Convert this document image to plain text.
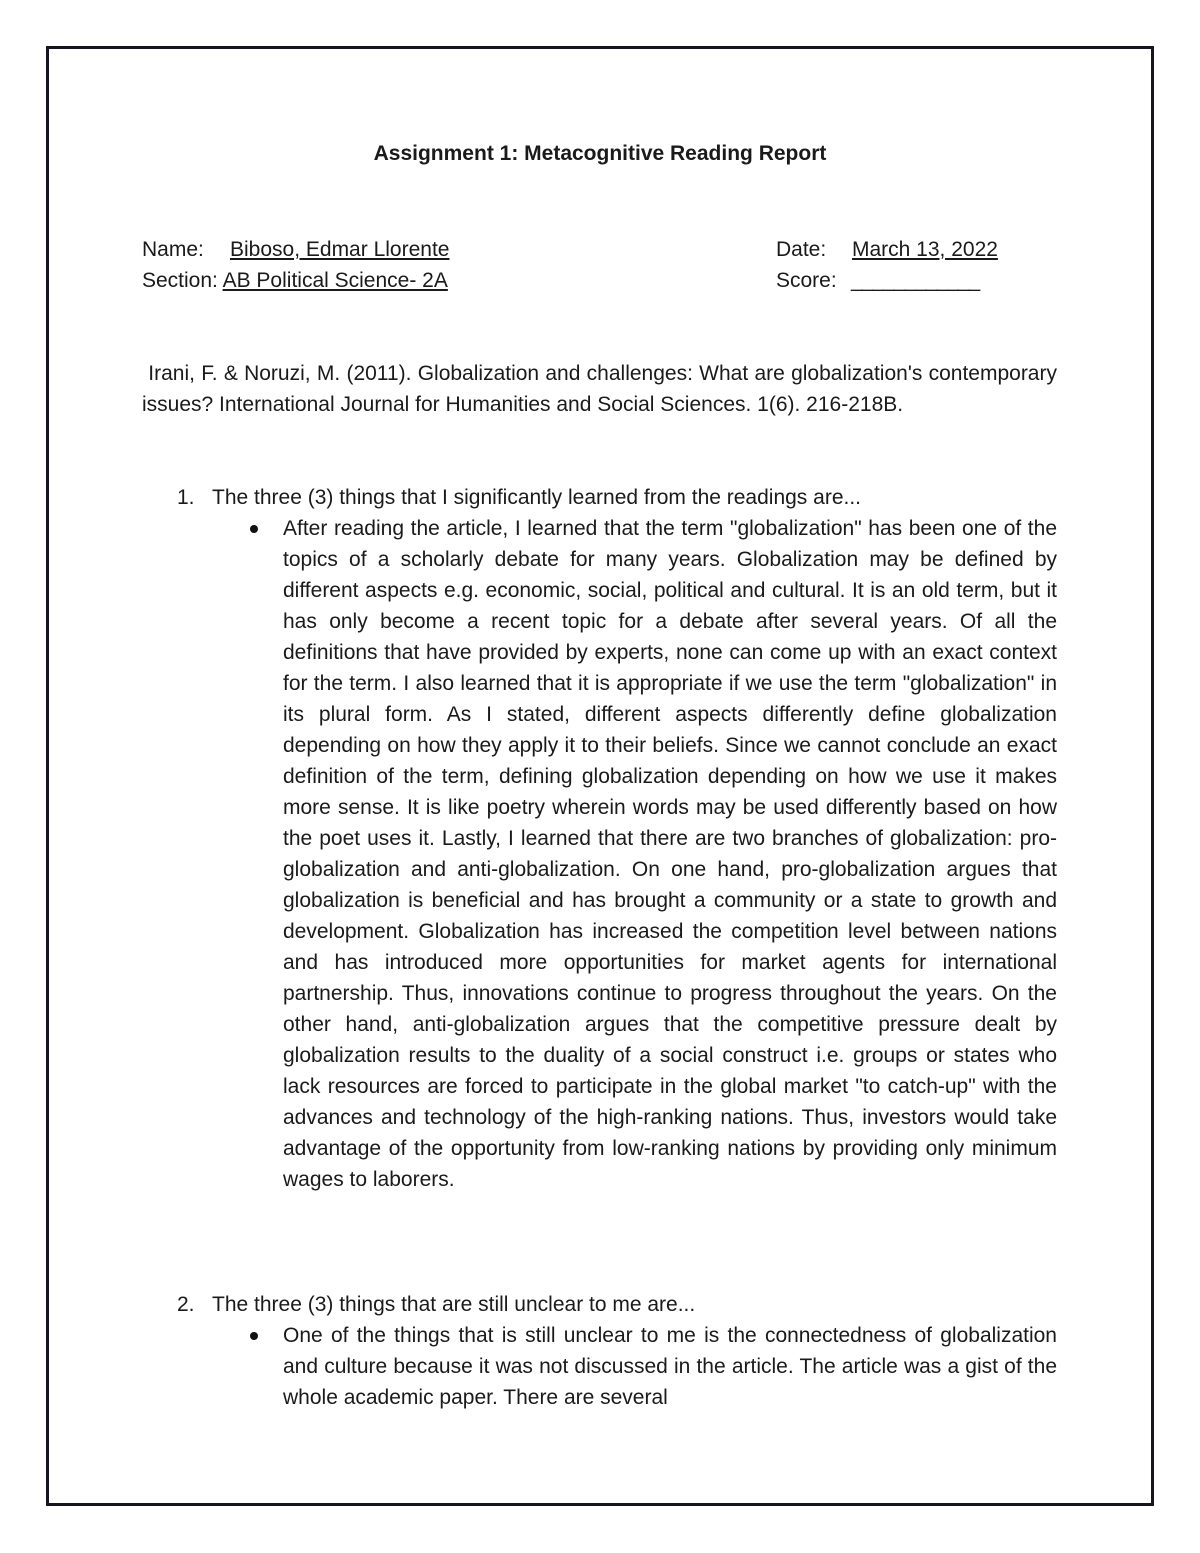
Assignment 1: Metacognitive Reading Report
Name: Biboso, Edmar Llorente
Section: AB Political Science- 2A
Date: March 13, 2022
Score: ____________
Irani, F. & Noruzi, M. (2011). Globalization and challenges: What are globalization's contemporary issues? International Journal for Humanities and Social Sciences. 1(6). 216-218B.
1. The three (3) things that I significantly learned from the readings are...
After reading the article, I learned that the term "globalization" has been one of the topics of a scholarly debate for many years. Globalization may be defined by different aspects e.g. economic, social, political and cultural. It is an old term, but it has only become a recent topic for a debate after several years. Of all the definitions that have provided by experts, none can come up with an exact context for the term. I also learned that it is appropriate if we use the term "globalization" in its plural form. As I stated, different aspects differently define globalization depending on how they apply it to their beliefs. Since we cannot conclude an exact definition of the term, defining globalization depending on how we use it makes more sense. It is like poetry wherein words may be used differently based on how the poet uses it. Lastly, I learned that there are two branches of globalization: pro-globalization and anti-globalization. On one hand, pro-globalization argues that globalization is beneficial and has brought a community or a state to growth and development. Globalization has increased the competition level between nations and has introduced more opportunities for market agents for international partnership. Thus, innovations continue to progress throughout the years. On the other hand, anti-globalization argues that the competitive pressure dealt by globalization results to the duality of a social construct i.e. groups or states who lack resources are forced to participate in the global market "to catch-up" with the advances and technology of the high-ranking nations. Thus, investors would take advantage of the opportunity from low-ranking nations by providing only minimum wages to laborers.
2. The three (3) things that are still unclear to me are...
One of the things that is still unclear to me is the connectedness of globalization and culture because it was not discussed in the article. The article was a gist of the whole academic paper. There are several
